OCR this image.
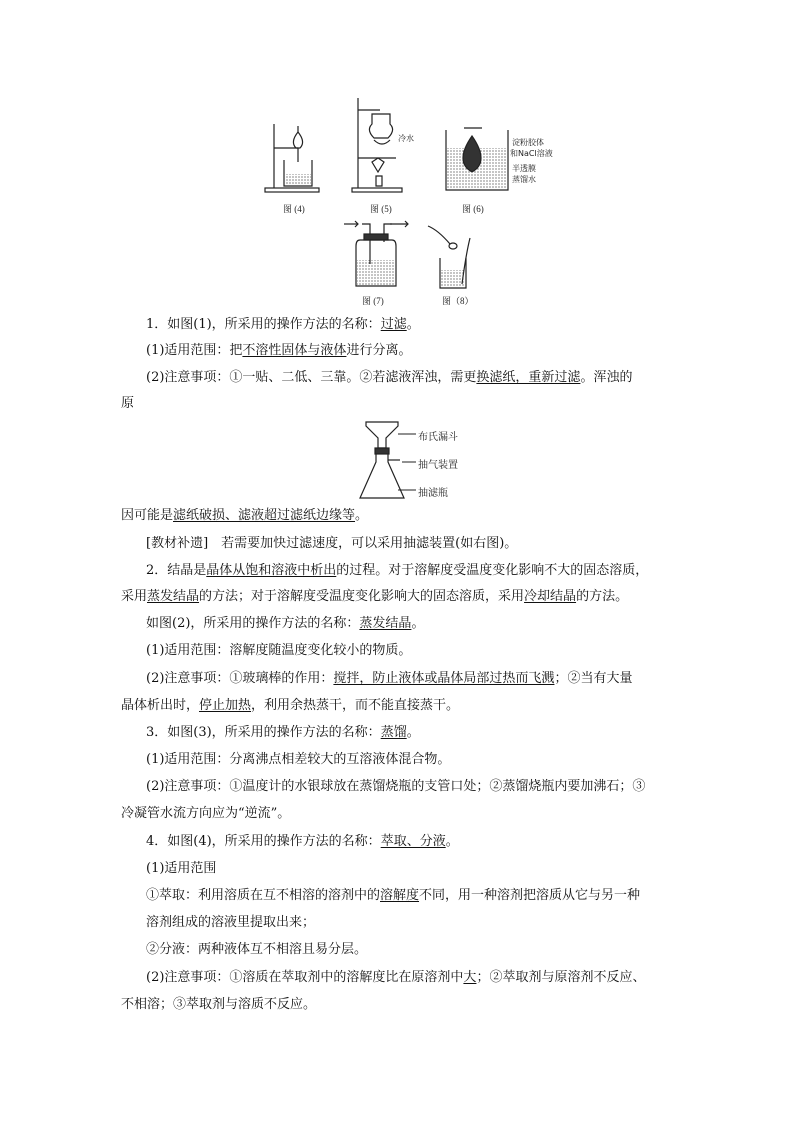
图 (4)
冷水
图 (5)
淀粉胶体
和NaCl溶液
半透膜
蒸馏水
图 (6)
图 (7)	图（8）
1．如图(1)，所采用的操作方法的名称：过滤。
(1)适用范围：把不溶性固体与液体进行分离。
(2)注意事项：①一贴、二低、三靠。②若滤液浑浊，需更换滤纸，重新过滤。浑浊的
原
布氏漏斗
抽气装置
抽滤瓶
因可能是滤纸破损、滤液超过滤纸边缘等。
[教材补遗]　若需要加快过滤速度，可以采用抽滤装置(如右图)。
2．结晶是晶体从饱和溶液中析出的过程。对于溶解度受温度变化影响不大的固态溶质，
采用蒸发结晶的方法；对于溶解度受温度变化影响大的固态溶质，采用冷却结晶的方法。
如图(2)，所采用的操作方法的名称：蒸发结晶。
(1)适用范围：溶解度随温度变化较小的物质。
(2)注意事项：①玻璃棒的作用：搅拌，防止液体或晶体局部过热而飞溅；②当有大量
晶体析出时，停止加热，利用余热蒸干，而不能直接蒸干。
3．如图(3)，所采用的操作方法的名称：蒸馏。
(1)适用范围：分离沸点相差较大的互溶液体混合物。
(2)注意事项：①温度计的水银球放在蒸馏烧瓶的支管口处；②蒸馏烧瓶内要加沸石；③
冷凝管水流方向应为“逆流”。
4．如图(4)，所采用的操作方法的名称：萃取、分液。
(1)适用范围
①萃取：利用溶质在互不相溶的溶剂中的溶解度不同，用一种溶剂把溶质从它与另一种
溶剂组成的溶液里提取出来；
②分液：两种液体互不相溶且易分层。
(2)注意事项：①溶质在萃取剂中的溶解度比在原溶剂中大；②萃取剂与原溶剂不反应、
不相溶；③萃取剂与溶质不反应。
